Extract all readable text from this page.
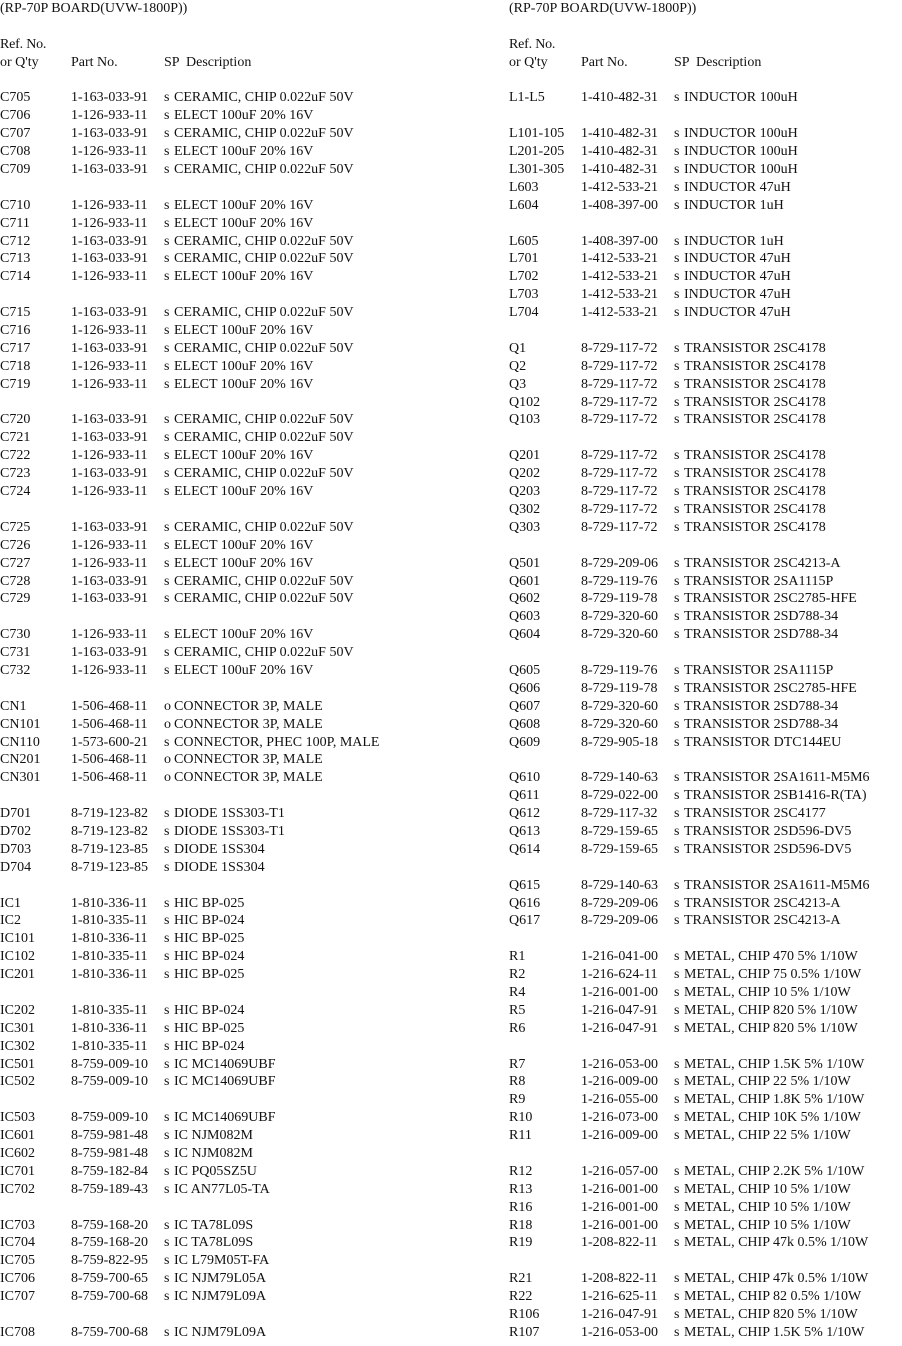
(RP-70P BOARD(UVW-1800P))
Ref. No.
or Q'ty	Part No.	SP Description
C705	1-163-033-91	s CERAMIC, CHIP 0.022uF 50V
C706	1-126-933-11	s ELECT 100uF 20% 16V
C707	1-163-033-91	s CERAMIC, CHIP 0.022uF 50V
C708	1-126-933-11	s ELECT 100uF 20% 16V
C709	1-163-033-91	s CERAMIC, CHIP 0.022uF 50V
C710	1-126-933-11	s ELECT 100uF 20% 16V
C711	1-126-933-11	s ELECT 100uF 20% 16V
C712	1-163-033-91	s CERAMIC, CHIP 0.022uF 50V
C713	1-163-033-91	s CERAMIC, CHIP 0.022uF 50V
C714	1-126-933-11	s ELECT 100uF 20% 16V
C715	1-163-033-91	s CERAMIC, CHIP 0.022uF 50V
C716	1-126-933-11	s ELECT 100uF 20% 16V
C717	1-163-033-91	s CERAMIC, CHIP 0.022uF 50V
C718	1-126-933-11	s ELECT 100uF 20% 16V
C719	1-126-933-11	s ELECT 100uF 20% 16V
C720	1-163-033-91	s CERAMIC, CHIP 0.022uF 50V
C721	1-163-033-91	s CERAMIC, CHIP 0.022uF 50V
C722	1-126-933-11	s ELECT 100uF 20% 16V
C723	1-163-033-91	s CERAMIC, CHIP 0.022uF 50V
C724	1-126-933-11	s ELECT 100uF 20% 16V
C725	1-163-033-91	s CERAMIC, CHIP 0.022uF 50V
C726	1-126-933-11	s ELECT 100uF 20% 16V
C727	1-126-933-11	s ELECT 100uF 20% 16V
C728	1-163-033-91	s CERAMIC, CHIP 0.022uF 50V
C729	1-163-033-91	s CERAMIC, CHIP 0.022uF 50V
C730	1-126-933-11	s ELECT 100uF 20% 16V
C731	1-163-033-91	s CERAMIC, CHIP 0.022uF 50V
C732	1-126-933-11	s ELECT 100uF 20% 16V
CN1	1-506-468-11	o CONNECTOR 3P, MALE
CN101	1-506-468-11	o CONNECTOR 3P, MALE
CN110	1-573-600-21	s CONNECTOR, PHEC 100P, MALE
CN201	1-506-468-11	o CONNECTOR 3P, MALE
CN301	1-506-468-11	o CONNECTOR 3P, MALE
D701	8-719-123-82	s DIODE 1SS303-T1
D702	8-719-123-82	s DIODE 1SS303-T1
D703	8-719-123-85	s DIODE 1SS304
D704	8-719-123-85	s DIODE 1SS304
IC1	1-810-336-11	s HIC BP-025
IC2	1-810-335-11	s HIC BP-024
IC101	1-810-336-11	s HIC BP-025
IC102	1-810-335-11	s HIC BP-024
IC201	1-810-336-11	s HIC BP-025
IC202	1-810-335-11	s HIC BP-024
IC301	1-810-336-11	s HIC BP-025
IC302	1-810-335-11	s HIC BP-024
IC501	8-759-009-10	s IC MC14069UBF
IC502	8-759-009-10	s IC MC14069UBF
IC503	8-759-009-10	s IC MC14069UBF
IC601	8-759-981-48	s IC NJM082M
IC602	8-759-981-48	s IC NJM082M
IC701	8-759-182-84	s IC PQ05SZ5U
IC702	8-759-189-43	s IC AN77L05-TA
IC703	8-759-168-20	s IC TA78L09S
IC704	8-759-168-20	s IC TA78L09S
IC705	8-759-822-95	s IC L79M05T-FA
IC706	8-759-700-65	s IC NJM79L05A
IC707	8-759-700-68	s IC NJM79L09A
IC708	8-759-700-68	s IC NJM79L09A
(RP-70P BOARD(UVW-1800P))
Ref. No.
or Q'ty	Part No.	SP Description
L1-L5	1-410-482-31	s INDUCTOR 100uH
L101-105	1-410-482-31	s INDUCTOR 100uH
L201-205	1-410-482-31	s INDUCTOR 100uH
L301-305	1-410-482-31	s INDUCTOR 100uH
L603	1-412-533-21	s INDUCTOR 47uH
L604	1-408-397-00	s INDUCTOR 1uH
L605	1-408-397-00	s INDUCTOR 1uH
L701	1-412-533-21	s INDUCTOR 47uH
L702	1-412-533-21	s INDUCTOR 47uH
L703	1-412-533-21	s INDUCTOR 47uH
L704	1-412-533-21	s INDUCTOR 47uH
Q1	8-729-117-72	s TRANSISTOR 2SC4178
Q2	8-729-117-72	s TRANSISTOR 2SC4178
Q3	8-729-117-72	s TRANSISTOR 2SC4178
Q102	8-729-117-72	s TRANSISTOR 2SC4178
Q103	8-729-117-72	s TRANSISTOR 2SC4178
Q201	8-729-117-72	s TRANSISTOR 2SC4178
Q202	8-729-117-72	s TRANSISTOR 2SC4178
Q203	8-729-117-72	s TRANSISTOR 2SC4178
Q302	8-729-117-72	s TRANSISTOR 2SC4178
Q303	8-729-117-72	s TRANSISTOR 2SC4178
Q501	8-729-209-06	s TRANSISTOR 2SC4213-A
Q601	8-729-119-76	s TRANSISTOR 2SA1115P
Q602	8-729-119-78	s TRANSISTOR 2SC2785-HFE
Q603	8-729-320-60	s TRANSISTOR 2SD788-34
Q604	8-729-320-60	s TRANSISTOR 2SD788-34
Q605	8-729-119-76	s TRANSISTOR 2SA1115P
Q606	8-729-119-78	s TRANSISTOR 2SC2785-HFE
Q607	8-729-320-60	s TRANSISTOR 2SD788-34
Q608	8-729-320-60	s TRANSISTOR 2SD788-34
Q609	8-729-905-18	s TRANSISTOR DTC144EU
Q610	8-729-140-63	s TRANSISTOR 2SA1611-M5M6
Q611	8-729-022-00	s TRANSISTOR 2SB1416-R(TA)
Q612	8-729-117-32	s TRANSISTOR 2SC4177
Q613	8-729-159-65	s TRANSISTOR 2SD596-DV5
Q614	8-729-159-65	s TRANSISTOR 2SD596-DV5
Q615	8-729-140-63	s TRANSISTOR 2SA1611-M5M6
Q616	8-729-209-06	s TRANSISTOR 2SC4213-A
Q617	8-729-209-06	s TRANSISTOR 2SC4213-A
R1	1-216-041-00	s METAL, CHIP 470 5% 1/10W
R2	1-216-624-11	s METAL, CHIP 75 0.5% 1/10W
R4	1-216-001-00	s METAL, CHIP 10 5% 1/10W
R5	1-216-047-91	s METAL, CHIP 820 5% 1/10W
R6	1-216-047-91	s METAL, CHIP 820 5% 1/10W
R7	1-216-053-00	s METAL, CHIP 1.5K 5% 1/10W
R8	1-216-009-00	s METAL, CHIP 22 5% 1/10W
R9	1-216-055-00	s METAL, CHIP 1.8K 5% 1/10W
R10	1-216-073-00	s METAL, CHIP 10K 5% 1/10W
R11	1-216-009-00	s METAL, CHIP 22 5% 1/10W
R12	1-216-057-00	s METAL, CHIP 2.2K 5% 1/10W
R13	1-216-001-00	s METAL, CHIP 10 5% 1/10W
R16	1-216-001-00	s METAL, CHIP 10 5% 1/10W
R18	1-216-001-00	s METAL, CHIP 10 5% 1/10W
R19	1-208-822-11	s METAL, CHIP 47k 0.5% 1/10W
R21	1-208-822-11	s METAL, CHIP 47k 0.5% 1/10W
R22	1-216-625-11	s METAL, CHIP 82 0.5% 1/10W
R106	1-216-047-91	s METAL, CHIP 820 5% 1/10W
R107	1-216-053-00	s METAL, CHIP 1.5K 5% 1/10W
